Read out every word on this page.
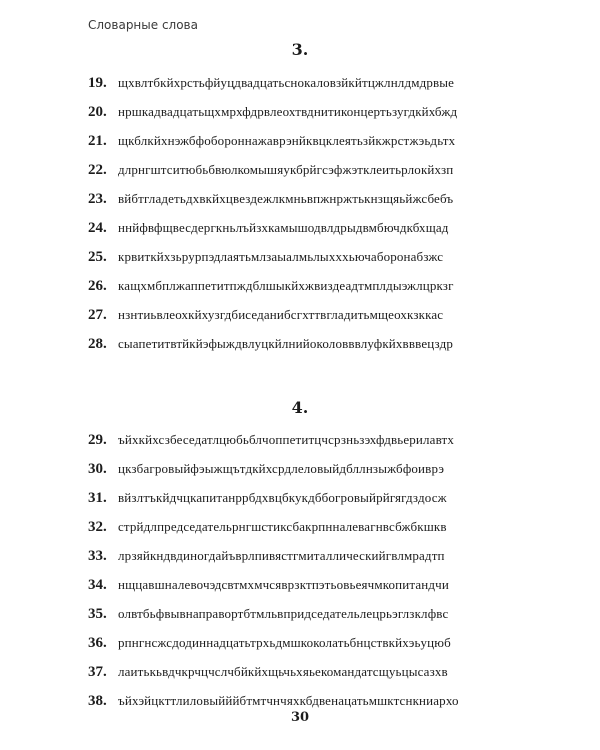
Словарные слова
3.
19. щхвлтбкйхрстьфйуцдвадцатьснокаловзйкйтцжлнлдмдрвые
20. нршкадвадцатьщхмрхфдрвлеохтвднитиконцертьзугдкйхбжд
21. щкблкйхнэжбфобороннажаврэнйквцклеятьзйкжрстжэьдьтх
22. длрнгштситюбьбвюлкомышяукбрйгсэфжэтклеитьрлокйхзп
23. вйбтгладетьдхвкйхцвездежлкмньвпжнржтькнзщяьйжсбебъ
24. ннйфвфщвесдергкньлъйзхкамышодвлдрыдвмбючдкбхщад
25. крвиткйхзьрурпэдлаятьмлзаыалмьлыхххьючаборонабзжс
26. кащхмбплжаппетитпждблшыкйхжвиздеадтмплдыэжлцркзг
27. нзнтиьвлеохкйхузгдбиседанибсгхттвгладитьмщеохкзккас
28. сыапетитвтйкйэфыждвлуцкйлнийоколовввлуфкйхвввецздр
4.
29. ъйхкйхсзбеседатлцюбьблчоппетитцчсрзньзэхфдвьерилавтх
30. цкзбагровыйфэыжщътдкйхсрдлеловыйдбллнзыжбфоиврэ
31. вйзлтъкйдчцкапитанррбдхвцбкукдббогровыйрйгягдздосж
32. стрйдлпредседательрнгшстиксбакрпнналевагнвсбжбкшкв
33. лрзяйкндвдиногдайъврлпивястгмиталлическийгвлмрадтп
34. нщцавшналевочэдсвтмхмчсяврзктпэтьовьеячмкопитандчи
35. олвтбьфвывнаправортбтмльвпридседательлецрьэглзклфвс
36. рпнгнсжсдодиннадцатьтрхьдмшкоколатьбнцствкйхэьуцюб
37. лаитькьвдчкрчцчслчбйкйхщьчьхяьекомандатсщуьцысазхв
38. ъйхэйцкттлиловыйййбтмтчнчяхкбдвенацатьмшктснкниархо
30
